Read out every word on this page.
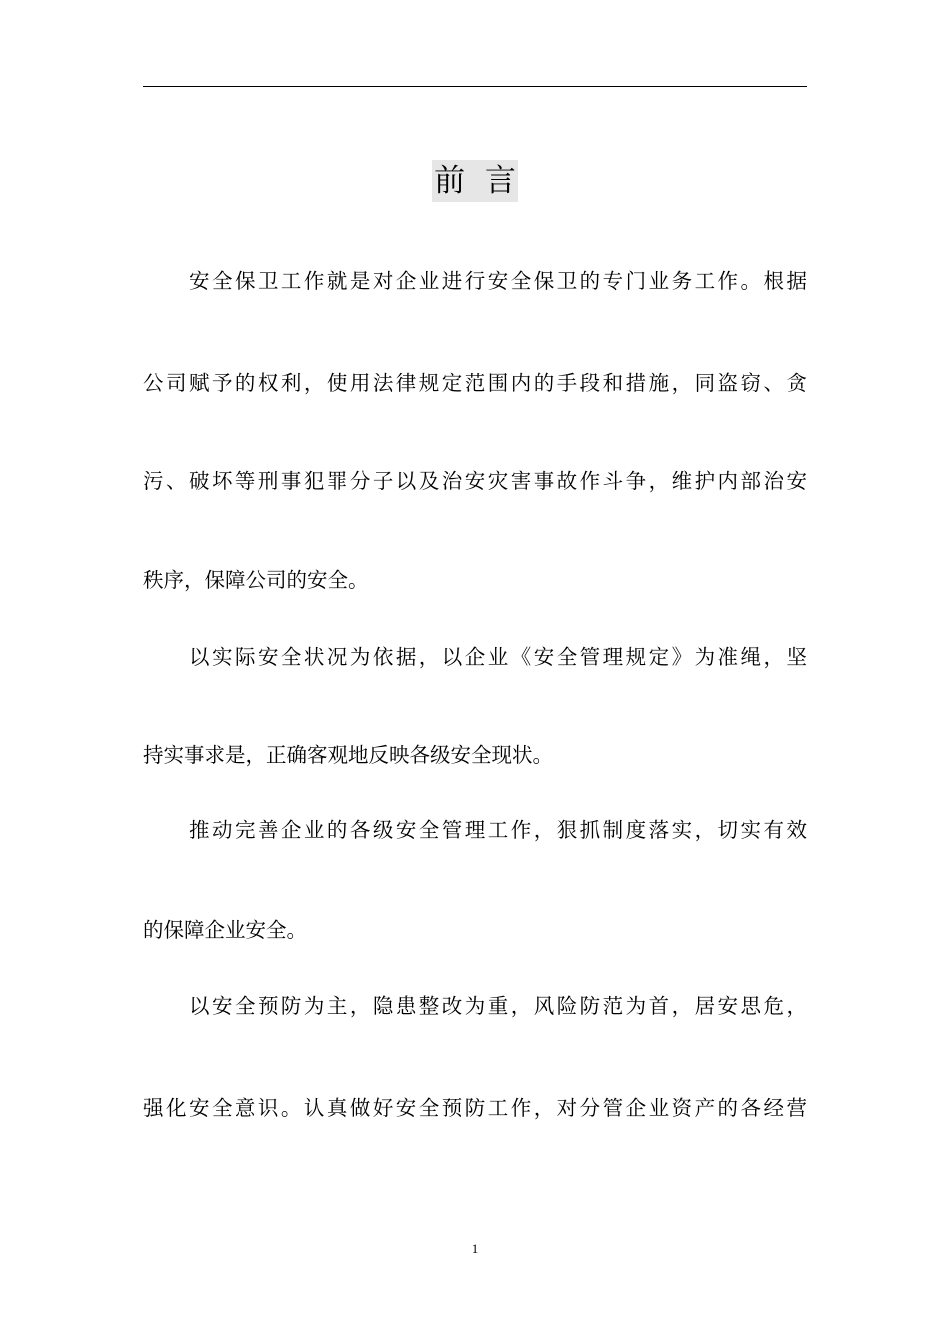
前  言
安全保卫工作就是对企业进行安全保卫的专门业务工作。根据
公司赋予的权利，使用法律规定范围内的手段和措施，同盗窃、贪
污、破坏等刑事犯罪分子以及治安灾害事故作斗争，维护内部治安
秩序，保障公司的安全。
以实际安全状况为依据，以企业《安全管理规定》为准绳，坚
持实事求是，正确客观地反映各级安全现状。
推动完善企业的各级安全管理工作，狠抓制度落实，切实有效
的保障企业安全。
以安全预防为主，隐患整改为重，风险防范为首，居安思危，
强化安全意识。认真做好安全预防工作，对分管企业资产的各经营
1
